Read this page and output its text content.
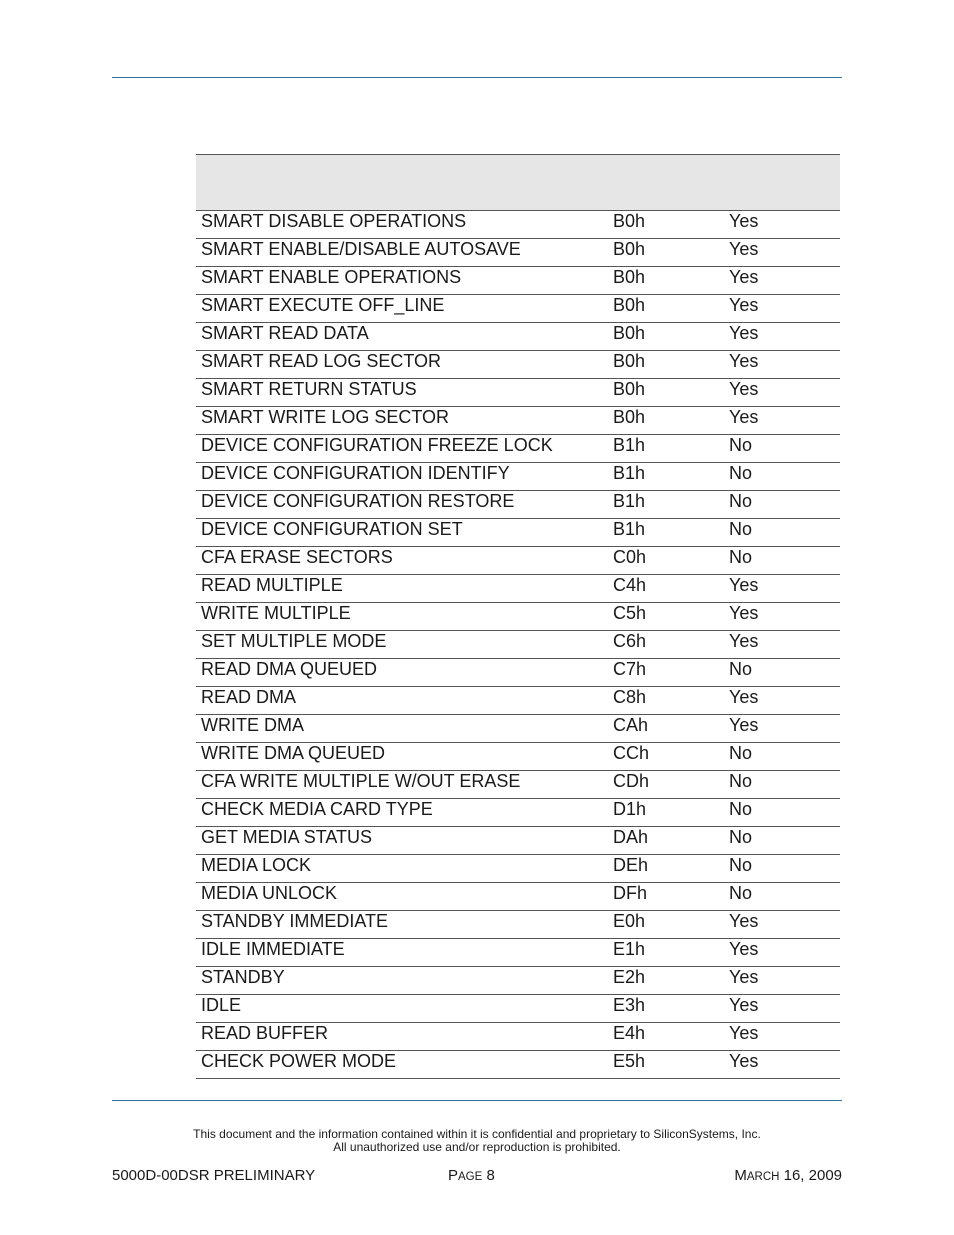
SMART DISABLE OPERATIONS	B0h	Yes
SMART ENABLE/DISABLE AUTOSAVE	B0h	Yes
SMART ENABLE OPERATIONS	B0h	Yes
SMART EXECUTE OFF_LINE	B0h	Yes
SMART READ DATA	B0h	Yes
SMART READ LOG SECTOR	B0h	Yes
SMART RETURN STATUS	B0h	Yes
SMART WRITE LOG SECTOR	B0h	Yes
DEVICE CONFIGURATION FREEZE LOCK	B1h	No
DEVICE CONFIGURATION IDENTIFY	B1h	No
DEVICE CONFIGURATION RESTORE	B1h	No
DEVICE CONFIGURATION SET	B1h	No
CFA ERASE SECTORS	C0h	No
READ MULTIPLE	C4h	Yes
WRITE MULTIPLE	C5h	Yes
SET MULTIPLE MODE	C6h	Yes
READ DMA QUEUED	C7h	No
READ DMA	C8h	Yes
WRITE DMA	CAh	Yes
WRITE DMA QUEUED	CCh	No
CFA WRITE MULTIPLE W/OUT ERASE	CDh	No
CHECK MEDIA CARD TYPE	D1h	No
GET MEDIA STATUS	DAh	No
MEDIA LOCK	DEh	No
MEDIA UNLOCK	DFh	No
STANDBY IMMEDIATE	E0h	Yes
IDLE IMMEDIATE	E1h	Yes
STANDBY	E2h	Yes
IDLE	E3h	Yes
READ BUFFER	E4h	Yes
CHECK POWER MODE	E5h	Yes
This document and the information contained within it is confidential and proprietary to SiliconSystems, Inc.
All unauthorized use and/or reproduction is prohibited.
5000D-00DSR PRELIMINARY	PAGE 8	MARCH 16, 2009
